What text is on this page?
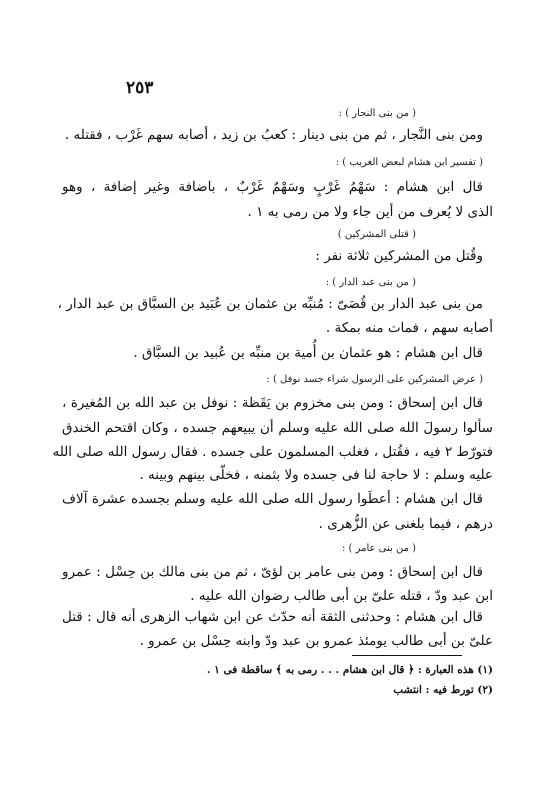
٢٥٣
( من بنى النجار ) :
ومن بنى النَّجار ، ثم من بنى دينار : كعبُ بن زيد ، أصابه سهم غَرْب ، فقتله .
( تفسير ابن هشام لبعض الغريب ) :
قال ابن هشام : سَهْمُ غَرْبٍ وسَهْمٌ غَرْبٌ ، باضافة وغير إضافة ، وهو
الذى لا يُعرف من أين جاء ولا من رمى به ١ .
( قتلى المشركين )
وقُتل من المشركين ثلاثة نفر :
( من بنى عبد الدار ) :
من بنى عبد الدار بن قُصَىّ : مُنبِّه بن عثمان بن عُبَيد بن السبَّاق بن عبد الدار ،
أصابه سهم ، فمات منه بمكة .
قال ابن هشام : هو عثمان بن أُمية بن منبِّه بن عُبيد بن السبَّاق .
( عرض المشركين على الرسول شراء جسد نوفل ) :
قال ابن إسحاق : ومن بنى مخزوم بن يَقَظة : نوفل بن عبد الله بن المُغيرة ،
سألوا رسولَ الله صلى الله عليه وسلم أن يبيعهم جسده ، وكان اقتحم الخندق
فتورّط ٢ فيه ، فقُتل ، فغلب المسلمون على جسده . فقال رسول الله صلى الله
عليه وسلم : لا حاجة لنا فى جسده ولا بثمنه ، فخلّى بينهم وبينه .
قال ابن هشام : أعطَوا رسول الله صلى الله عليه وسلم بجسده عشرة آلاف
درهم ، فيما بلغنى عن الزُّهرى .
( من بنى عامر ) :
قال ابن إسحاق : ومن بنى عامر بن لؤىّ ، ثم من بنى مالك بن حِسْل : عمرو
ابن عبد ودّ ، قتله علىّ بن أبى طالب رضوان الله عليه .
قال ابن هشام : وحدثنى الثقة أنه حدّث عن ابن شهاب الزهرى أنه قال : قتل
علىّ بن أبى طالب يومئذ عمرو بن عبد ودّ وابنه حِسْل بن عمرو .
(١) هذه العبارة : ﴿ قال ابن هشام . . . رمى به ﴾ ساقطة فى ١ .
(٢) تورط فيه : انتشب
